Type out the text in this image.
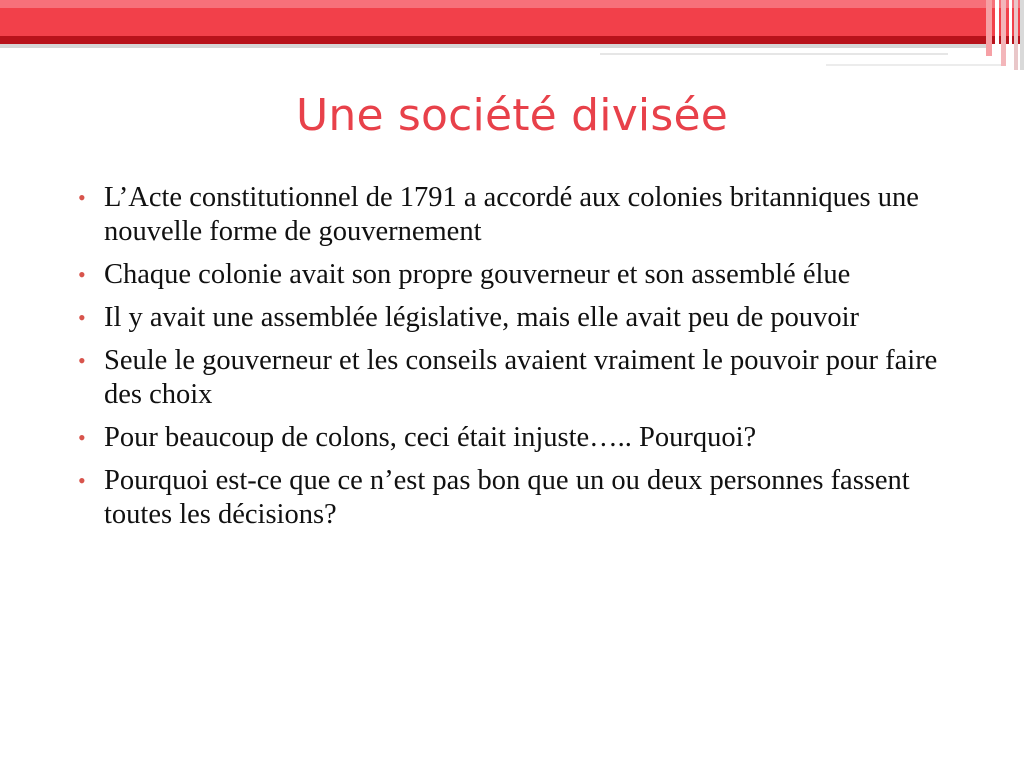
Une société divisée
• L’Acte constitutionnel de 1791 a accordé aux colonies britanniques une nouvelle forme de gouvernement
• Chaque colonie avait son propre gouverneur et son assemblé élue
• Il y avait une assemblée législative, mais elle avait peu de pouvoir
• Seule le gouverneur et les conseils avaient vraiment le pouvoir pour faire des choix
• Pour beaucoup de colons, ceci était injuste….. Pourquoi?
• Pourquoi est-ce que ce n’est pas bon que un ou deux personnes fassent toutes les décisions?
